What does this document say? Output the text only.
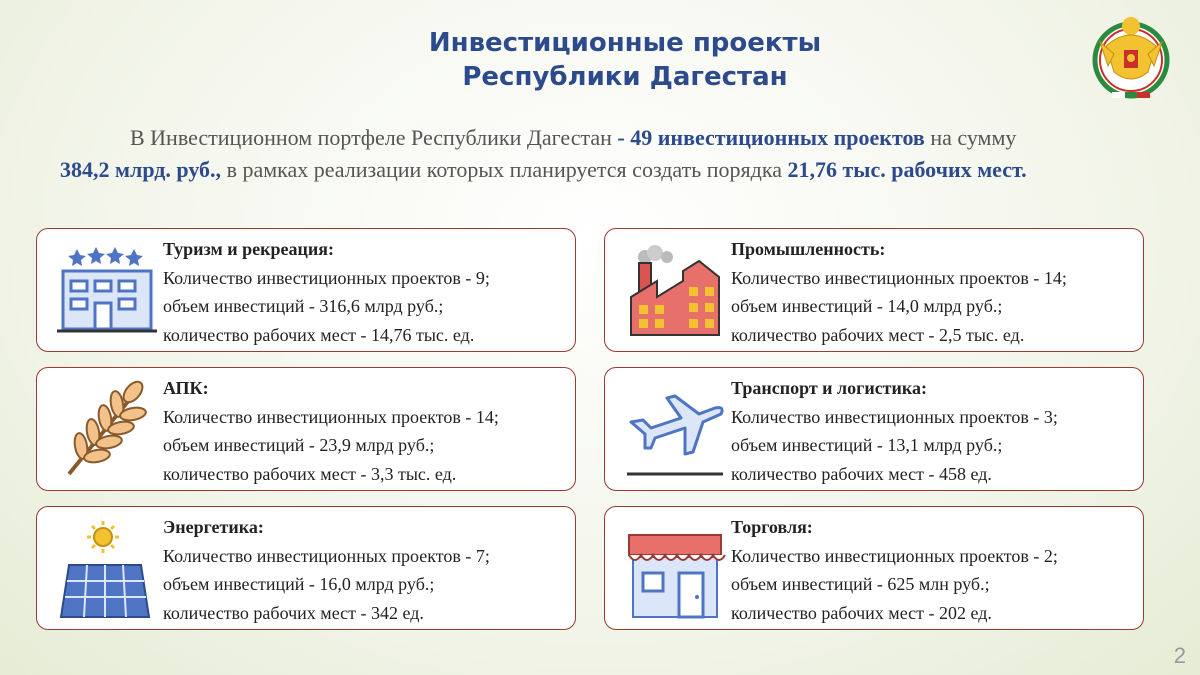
Инвестиционные проекты
Республики Дагестан
В Инвестиционном портфеле Республики Дагестан - 49 инвестиционных проектов на сумму
384,2 млрд. руб., в рамках реализации которых планируется создать порядка 21,76 тыс. рабочих мест.
Туризм и рекреация:
Количество инвестиционных проектов - 9;
объем инвестиций - 316,6 млрд руб.;
количество рабочих мест - 14,76 тыс. ед.
Промышленность:
Количество инвестиционных проектов - 14;
объем инвестиций - 14,0 млрд руб.;
количество рабочих мест - 2,5 тыс. ед.
АПК:
Количество инвестиционных проектов - 14;
объем инвестиций - 23,9 млрд руб.;
количество рабочих мест - 3,3 тыс. ед.
Транспорт и логистика:
Количество инвестиционных проектов - 3;
объем инвестиций - 13,1 млрд руб.;
количество рабочих мест - 458 ед.
Энергетика:
Количество инвестиционных проектов - 7;
объем инвестиций - 16,0 млрд руб.;
количество рабочих мест - 342 ед.
Торговля:
Количество инвестиционных проектов - 2;
объем инвестиций - 625 млн руб.;
количество рабочих мест - 202 ед.
2
